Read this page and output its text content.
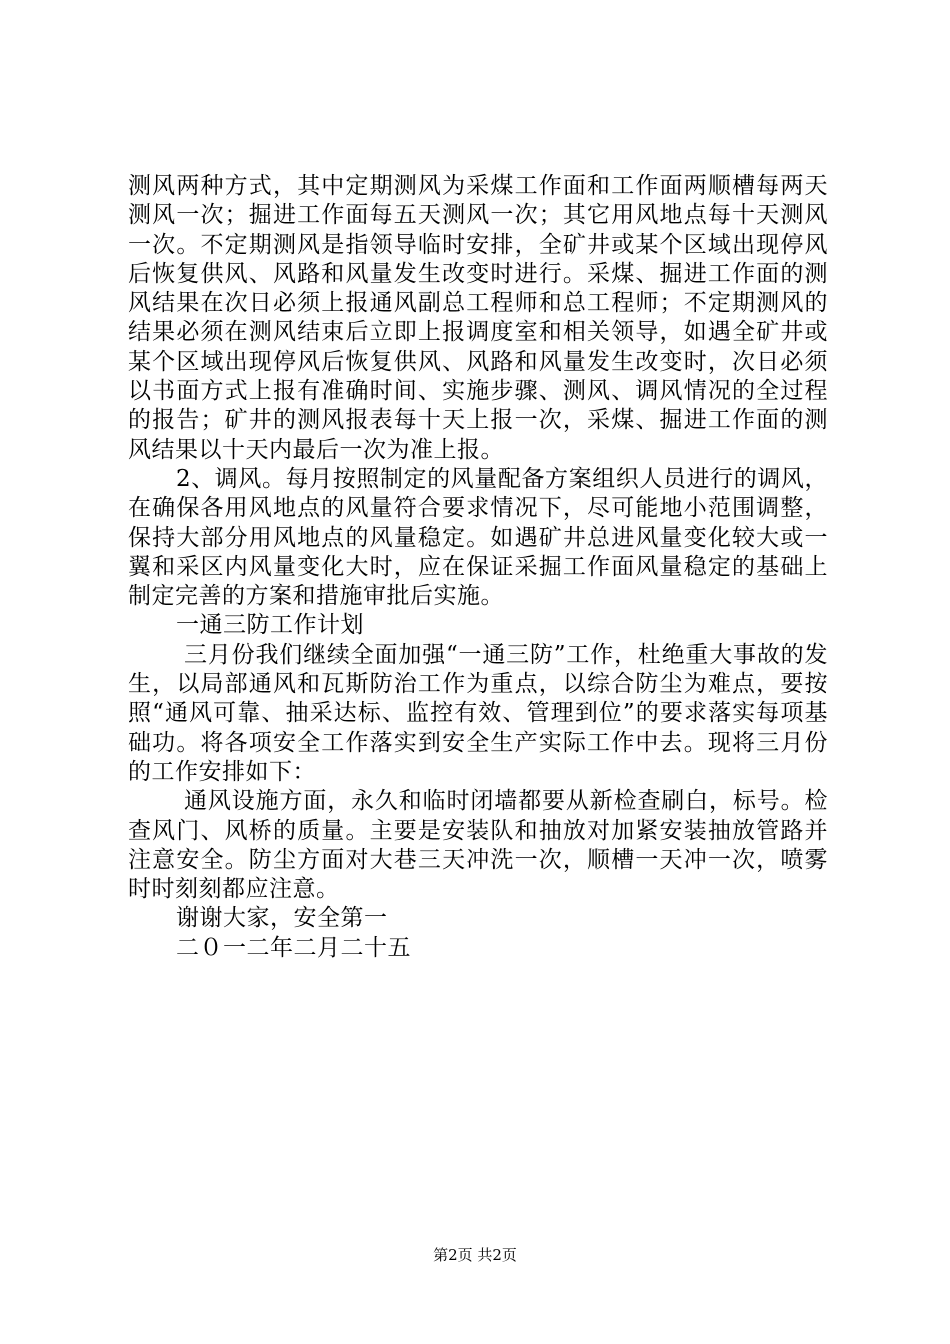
测风两种方式，其中定期测风为采煤工作面和工作面两顺槽每两天测风一次；掘进工作面每五天测风一次；其它用风地点每十天测风一次。不定期测风是指领导临时安排，全矿井或某个区域出现停风后恢复供风、风路和风量发生改变时进行。采煤、掘进工作面的测风结果在次日必须上报通风副总工程师和总工程师；不定期测风的结果必须在测风结束后立即上报调度室和相关领导，如遇全矿井或某个区域出现停风后恢复供风、风路和风量发生改变时，次日必须以书面方式上报有准确时间、实施步骤、测风、调风情况的全过程的报告；矿井的测风报表每十天上报一次，采煤、掘进工作面的测风结果以十天内最后一次为准上报。

2、调风。每月按照制定的风量配备方案组织人员进行的调风，在确保各用风地点的风量符合要求情况下，尽可能地小范围调整，保持大部分用风地点的风量稳定。如遇矿井总进风量变化较大或一翼和采区内风量变化大时，应在保证采掘工作面风量稳定的基础上制定完善的方案和措施审批后实施。

一通三防工作计划

三月份我们继续全面加强“一通三防”工作，杜绝重大事故的发生，以局部通风和瓦斯防治工作为重点，以综合防尘为难点，要按照“通风可靠、抽采达标、监控有效、管理到位”的要求落实每项基础功。将各项安全工作落实到安全生产实际工作中去。现将三月份的工作安排如下：

通风设施方面，永久和临时闭墙都要从新检查刷白，标号。检查风门、风桥的质量。主要是安装队和抽放对加紧安装抽放管路并注意安全。防尘方面对大巷三天冲洗一次，顺槽一天冲一次，喷雾时时刻刻都应注意。

谢谢大家，安全第一

二０一二年二月二十五

第2页 共2页
